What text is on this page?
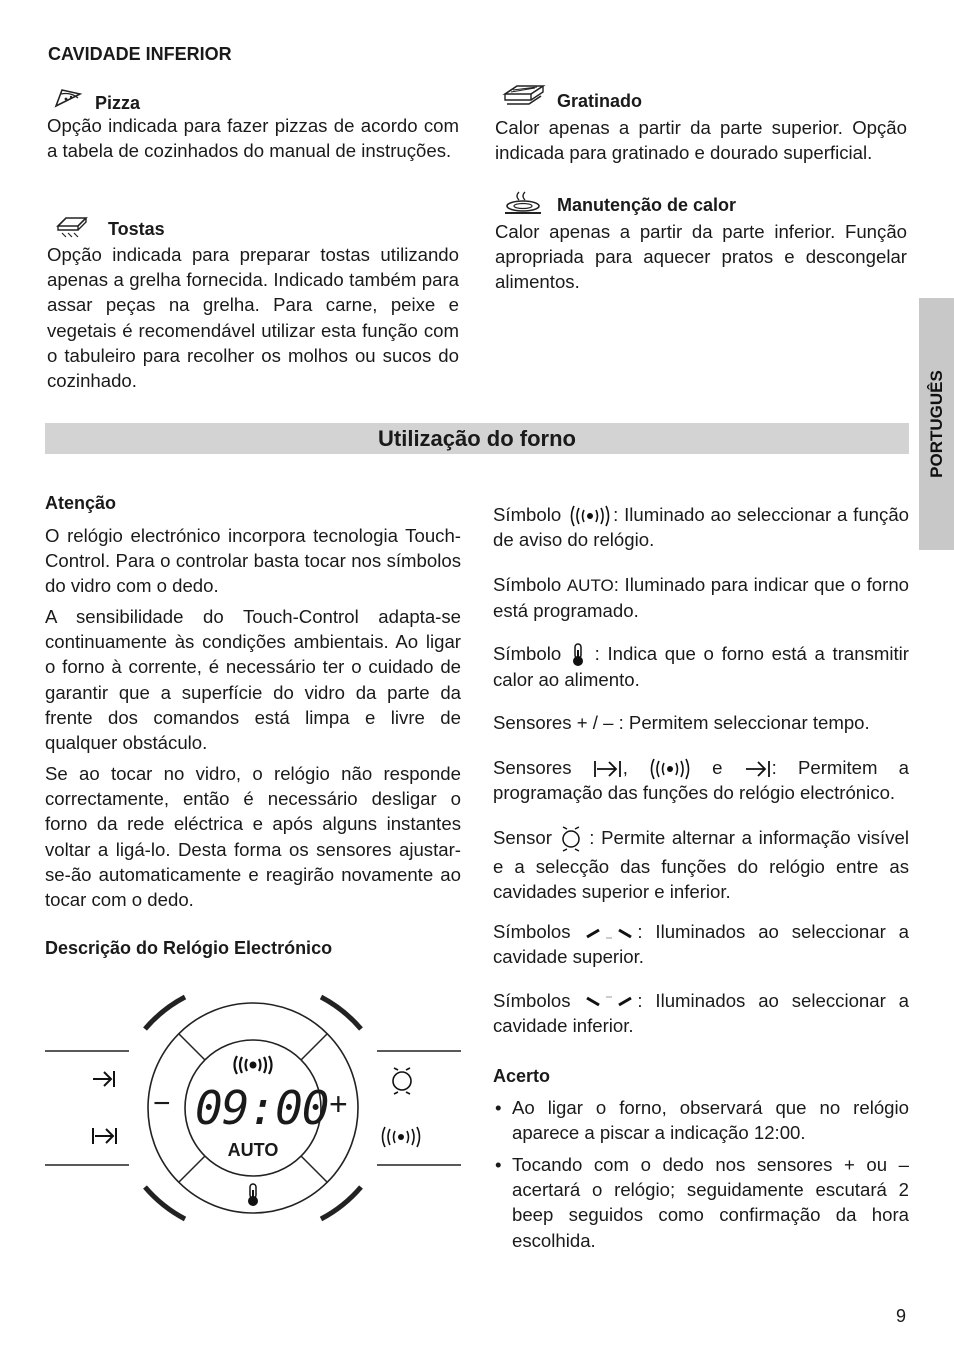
CAVIDADE INFERIOR
Pizza

Opção indicada para fazer pizzas de acordo com a tabela de cozinhados do manual de instruções.

Tostas

Opção indicada para preparar tostas utilizando apenas a grelha fornecida. Indicado também para assar peças na grelha. Para carne, peixe e vegetais é recomendável utilizar esta função com o tabuleiro para recolher os molhos ou sucos do cozinhado.

Gratinado

Calor apenas a partir da parte superior. Opção indicada para gratinado e dourado superficial.

Manutenção de calor

Calor apenas a partir da parte inferior. Função apropriada para aquecer pratos e descongelar alimentos.

PORTUGUÊS
Utilização do forno
Atenção

O relógio electrónico incorpora tecnologia Touch-Control. Para o controlar basta tocar nos símbolos do vidro com o dedo.

A sensibilidade do Touch-Control adapta-se continuamente às condições ambientais. Ao ligar o forno à corrente, é necessário ter o cuidado de garantir que a superfície do vidro da parte da frente dos comandos está limpa e livre de qualquer obstáculo.

Se ao tocar no vidro, o relógio não responde correctamente, então é necessário desligar o forno da rede eléctrica e após alguns instantes voltar a ligá-lo. Desta forma os sensores ajustar-se-ão automaticamente e reagirão novamente ao tocar com o dedo.

Descrição do Relógio Electrónico
09:00
AUTO
−	+

Símbolo	: Iluminado ao seleccionar a função de aviso do relógio.

Símbolo AUTO: Iluminado para indicar que o forno está programado.

Símbolo : Indica que o forno está a transmitir calor ao alimento.

Sensores + / – : Permitem seleccionar tempo.

Sensores	,	e	: Permitem a programação das funções do relógio electrónico.

Sensor : Permite alternar a informação visível e a selecção das funções do relógio entre as cavidades superior e inferior.

Símbolos	: Iluminados ao seleccionar a cavidade superior.

Símbolos	: Iluminados ao seleccionar a cavidade inferior.

Acerto
• Ao ligar o forno, observará que no relógio aparece a piscar a indicação 12:00.

• Tocando com o dedo nos sensores + ou – acertará o relógio; seguidamente escutará 2 beep seguidos como confirmação da hora escolhida.

9
